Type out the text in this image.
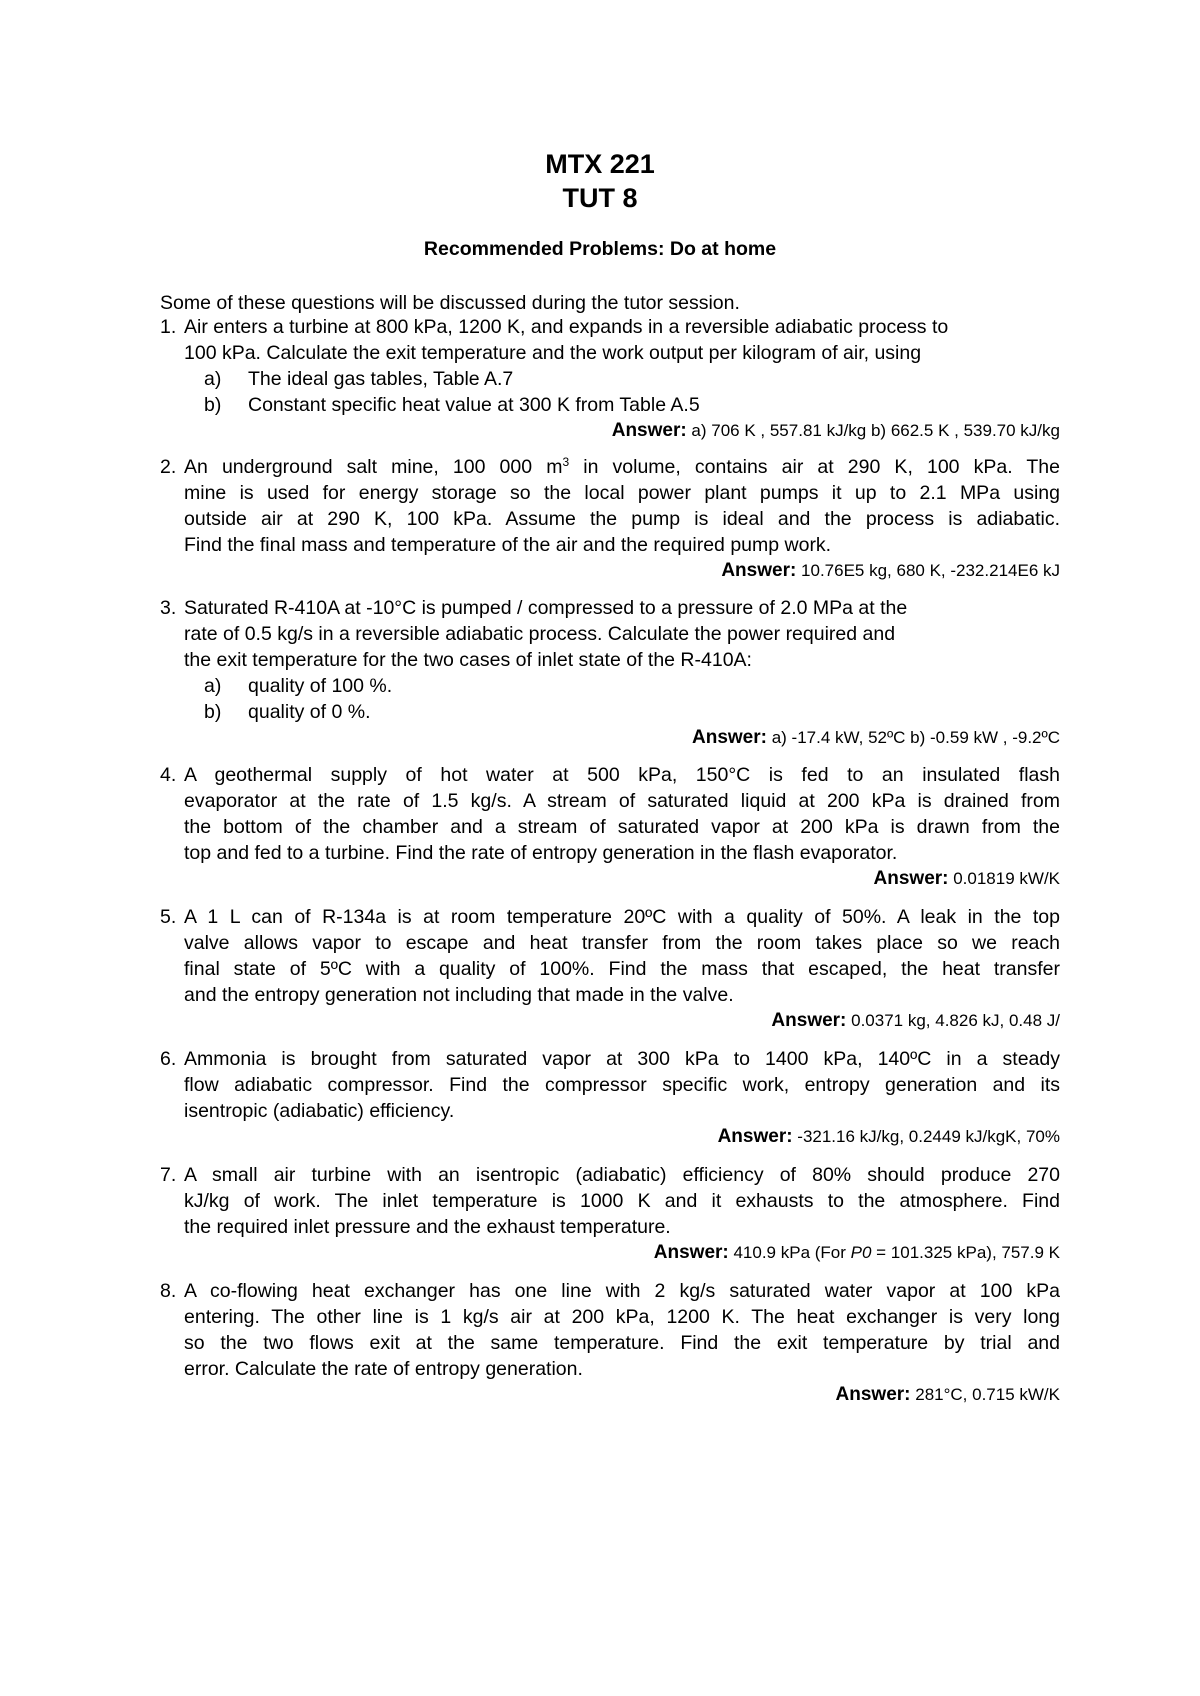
MTX 221
TUT 8
Recommended Problems: Do at home
Some of these questions will be discussed during the tutor session.
1. Air enters a turbine at 800 kPa, 1200 K, and expands in a reversible adiabatic process to
100 kPa. Calculate the exit temperature and the work output per kilogram of air, using
a) The ideal gas tables, Table A.7
b) Constant specific heat value at 300 K from Table A.5
Answer: a) 706 K , 557.81 kJ/kg b) 662.5 K , 539.70 kJ/kg
2. An underground salt mine, 100 000 $m^3$ in volume, contains air at 290 K, 100 kPa. The
mine is used for energy storage so the local power plant pumps it up to 2.1 MPa using
outside air at 290 K, 100 kPa. Assume the pump is ideal and the process is adiabatic.
Find the final mass and temperature of the air and the required pump work.
Answer: 10.76E5 kg, 680 K, -232.214E6 kJ
3. Saturated R-410A at -10°C is pumped / compressed to a pressure of 2.0 MPa at the
rate of 0.5 kg/s in a reversible adiabatic process. Calculate the power required and
the exit temperature for the two cases of inlet state of the R-410A:
a) quality of 100 %.
b) quality of 0 %.
Answer: a) -17.4 kW, 52ºC b) -0.59 kW , -9.2ºC
4. A geothermal supply of hot water at 500 kPa, 150°C is fed to an insulated flash
evaporator at the rate of 1.5 kg/s. A stream of saturated liquid at 200 kPa is drained from
the bottom of the chamber and a stream of saturated vapor at 200 kPa is drawn from the
top and fed to a turbine. Find the rate of entropy generation in the flash evaporator.
Answer: 0.01819 kW/K
5. A 1 L can of R-134a is at room temperature 20ºC with a quality of 50%. A leak in the top
valve allows vapor to escape and heat transfer from the room takes place so we reach
final state of 5ºC with a quality of 100%. Find the mass that escaped, the heat transfer
and the entropy generation not including that made in the valve.
Answer: 0.0371 kg, 4.826 kJ, 0.48 J/
6. Ammonia is brought from saturated vapor at 300 kPa to 1400 kPa, 140ºC in a steady
flow adiabatic compressor. Find the compressor specific work, entropy generation and its
isentropic (adiabatic) efficiency.
Answer: -321.16 kJ/kg, 0.2449 kJ/kgK, 70%
7. A small air turbine with an isentropic (adiabatic) efficiency of 80% should produce 270
kJ/kg of work. The inlet temperature is 1000 K and it exhausts to the atmosphere. Find
the required inlet pressure and the exhaust temperature.
Answer: 410.9 kPa (For P0 = 101.325 kPa), 757.9 K
8. A co-flowing heat exchanger has one line with 2 kg/s saturated water vapor at 100 kPa
entering. The other line is 1 kg/s air at 200 kPa, 1200 K. The heat exchanger is very long
so the two flows exit at the same temperature. Find the exit temperature by trial and
error. Calculate the rate of entropy generation.
Answer: 281°C, 0.715 kW/K
